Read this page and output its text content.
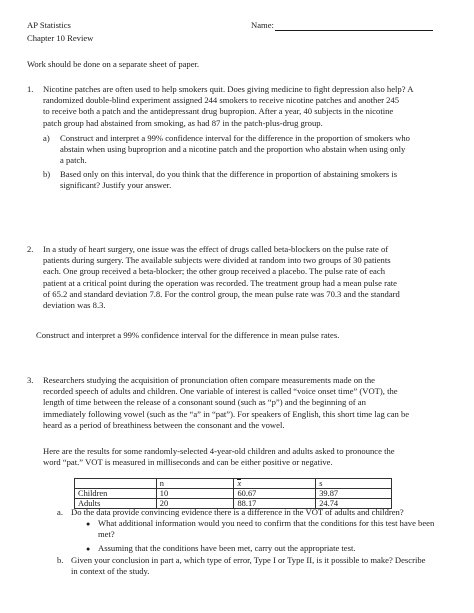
AP Statistics
Chapter 10 Review
Name:
Work should be done on a separate sheet of paper.
1. Nicotine patches are often used to help smokers quit. Does giving medicine to fight depression also help? A
randomized double-blind experiment assigned 244 smokers to receive nicotine patches and another 245
to receive both a patch and the antidepressant drug bupropion. After a year, 40 subjects in the nicotine
patch group had abstained from smoking, as had 87 in the patch-plus-drug group.
a) Construct and interpret a 99% confidence interval for the difference in the proportion of smokers who
abstain when using buproprion and a nicotine patch and the proportion who abstain when using only
a patch.
b) Based only on this interval, do you think that the difference in proportion of abstaining smokers is
significant? Justify your answer.
2. In a study of heart surgery, one issue was the effect of drugs called beta-blockers on the pulse rate of
patients during surgery. The available subjects were divided at random into two groups of 30 patients
each. One group received a beta-blocker; the other group received a placebo. The pulse rate of each
patient at a critical point during the operation was recorded. The treatment group had a mean pulse rate
of 65.2 and standard deviation 7.8. For the control group, the mean pulse rate was 70.3 and the standard
deviation was 8.3.
Construct and interpret a 99% confidence interval for the difference in mean pulse rates.
3. Researchers studying the acquisition of pronunciation often compare measurements made on the
recorded speech of adults and children. One variable of interest is called “voice onset time” (VOT), the
length of time between the release of a consonant sound (such as “p”) and the beginning of an
immediately following vowel (such as the “a” in “pat”). For speakers of English, this short time lag can be
heard as a period of breathiness between the consonant and the vowel.
Here are the results for some randomly-selected 4-year-old children and adults asked to pronounce the
word “pat.” VOT is measured in milliseconds and can be either positive or negative.
	n	x	s
Children	10	60.67	39.87
Adults	20	88.17	24.74
a. Do the data provide convincing evidence there is a difference in the VOT of adults and children?
● What additional information would you need to confirm that the conditions for this test have been
met?
● Assuming that the conditions have been met, carry out the appropriate test.
b. Given your conclusion in part a, which type of error, Type I or Type II, is it possible to make? Describe
in context of the study.
